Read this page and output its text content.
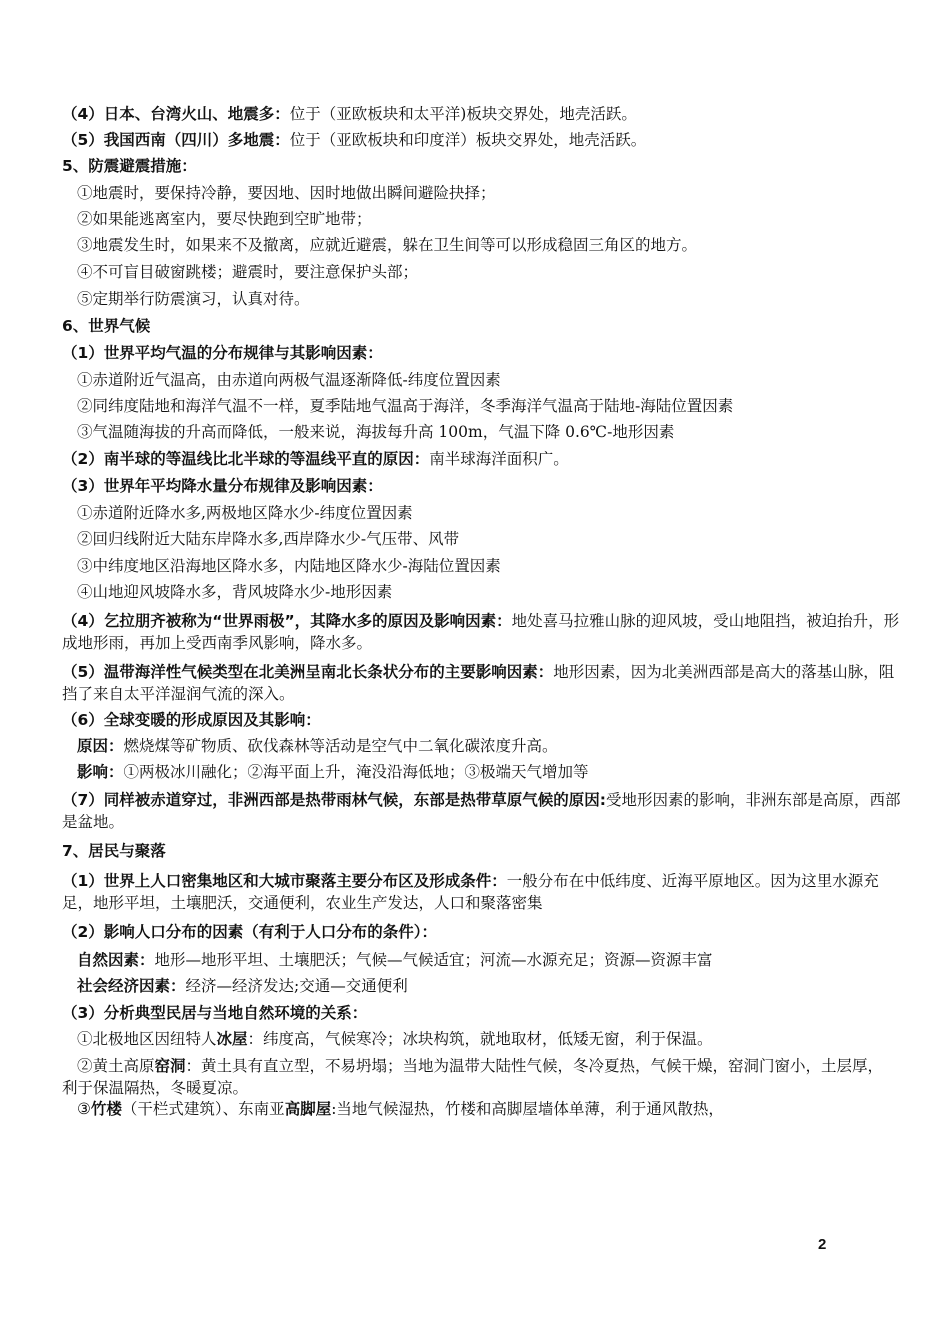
（4）日本、台湾火山、地震多：位于（亚欧板块和太平洋)板块交界处，地壳活跃。
（5）我国西南（四川）多地震：位于（亚欧板块和印度洋）板块交界处，地壳活跃。
5、防震避震措施：
①地震时，要保持冷静，要因地、因时地做出瞬间避险抉择；
②如果能逃离室内，要尽快跑到空旷地带；
③地震发生时，如果来不及撤离，应就近避震，躲在卫生间等可以形成稳固三角区的地方。
④不可盲目破窗跳楼；避震时，要注意保护头部；
⑤定期举行防震演习，认真对待。
6、世界气候
（1）世界平均气温的分布规律与其影响因素：
①赤道附近气温高，由赤道向两极气温逐渐降低-纬度位置因素
②同纬度陆地和海洋气温不一样，夏季陆地气温高于海洋，冬季海洋气温高于陆地-海陆位置因素
③气温随海拔的升高而降低，一般来说，海拔每升高 100m，气温下降 0.6℃-地形因素
（2）南半球的等温线比北半球的等温线平直的原因：南半球海洋面积广。
（3）世界年平均降水量分布规律及影响因素：
①赤道附近降水多,两极地区降水少-纬度位置因素
②回归线附近大陆东岸降水多,西岸降水少-气压带、风带
③中纬度地区沿海地区降水多，内陆地区降水少-海陆位置因素
④山地迎风坡降水多，背风坡降水少-地形因素
（4）乞拉朋齐被称为“世界雨极”，其降水多的原因及影响因素：地处喜马拉雅山脉的迎风坡，受山地阻挡，被迫抬升，形成地形雨，再加上受西南季风影响，降水多。
（5）温带海洋性气候类型在北美洲呈南北长条状分布的主要影响因素：地形因素，因为北美洲西部是高大的落基山脉，阻挡了来自太平洋湿润气流的深入。
（6）全球变暖的形成原因及其影响：
原因：燃烧煤等矿物质、砍伐森林等活动是空气中二氧化碳浓度升高。
影响：①两极冰川融化；②海平面上升，淹没沿海低地；③极端天气增加等
（7）同样被赤道穿过，非洲西部是热带雨林气候，东部是热带草原气候的原因:受地形因素的影响，非洲东部是高原，西部是盆地。
7、居民与聚落
（1）世界上人口密集地区和大城市聚落主要分布区及形成条件：一般分布在中低纬度、近海平原地区。因为这里水源充足，地形平坦，土壤肥沃，交通便利，农业生产发达，人口和聚落密集
（2）影响人口分布的因素（有利于人口分布的条件）：
自然因素：地形—地形平坦、土壤肥沃；气候—气候适宜；河流—水源充足；资源—资源丰富
社会经济因素：经济—经济发达;交通—交通便利
（3）分析典型民居与当地自然环境的关系：
①北极地区因纽特人冰屋：纬度高，气候寒冷；冰块构筑，就地取材，低矮无窗，利于保温。
②黄土高原窑洞：黄土具有直立型，不易坍塌；当地为温带大陆性气候，冬冷夏热，气候干燥，窑洞门窗小，土层厚，利于保温隔热，冬暖夏凉。
③竹楼（干栏式建筑）、东南亚高脚屋:当地气候湿热，竹楼和高脚屋墙体单薄，利于通风散热，
2
